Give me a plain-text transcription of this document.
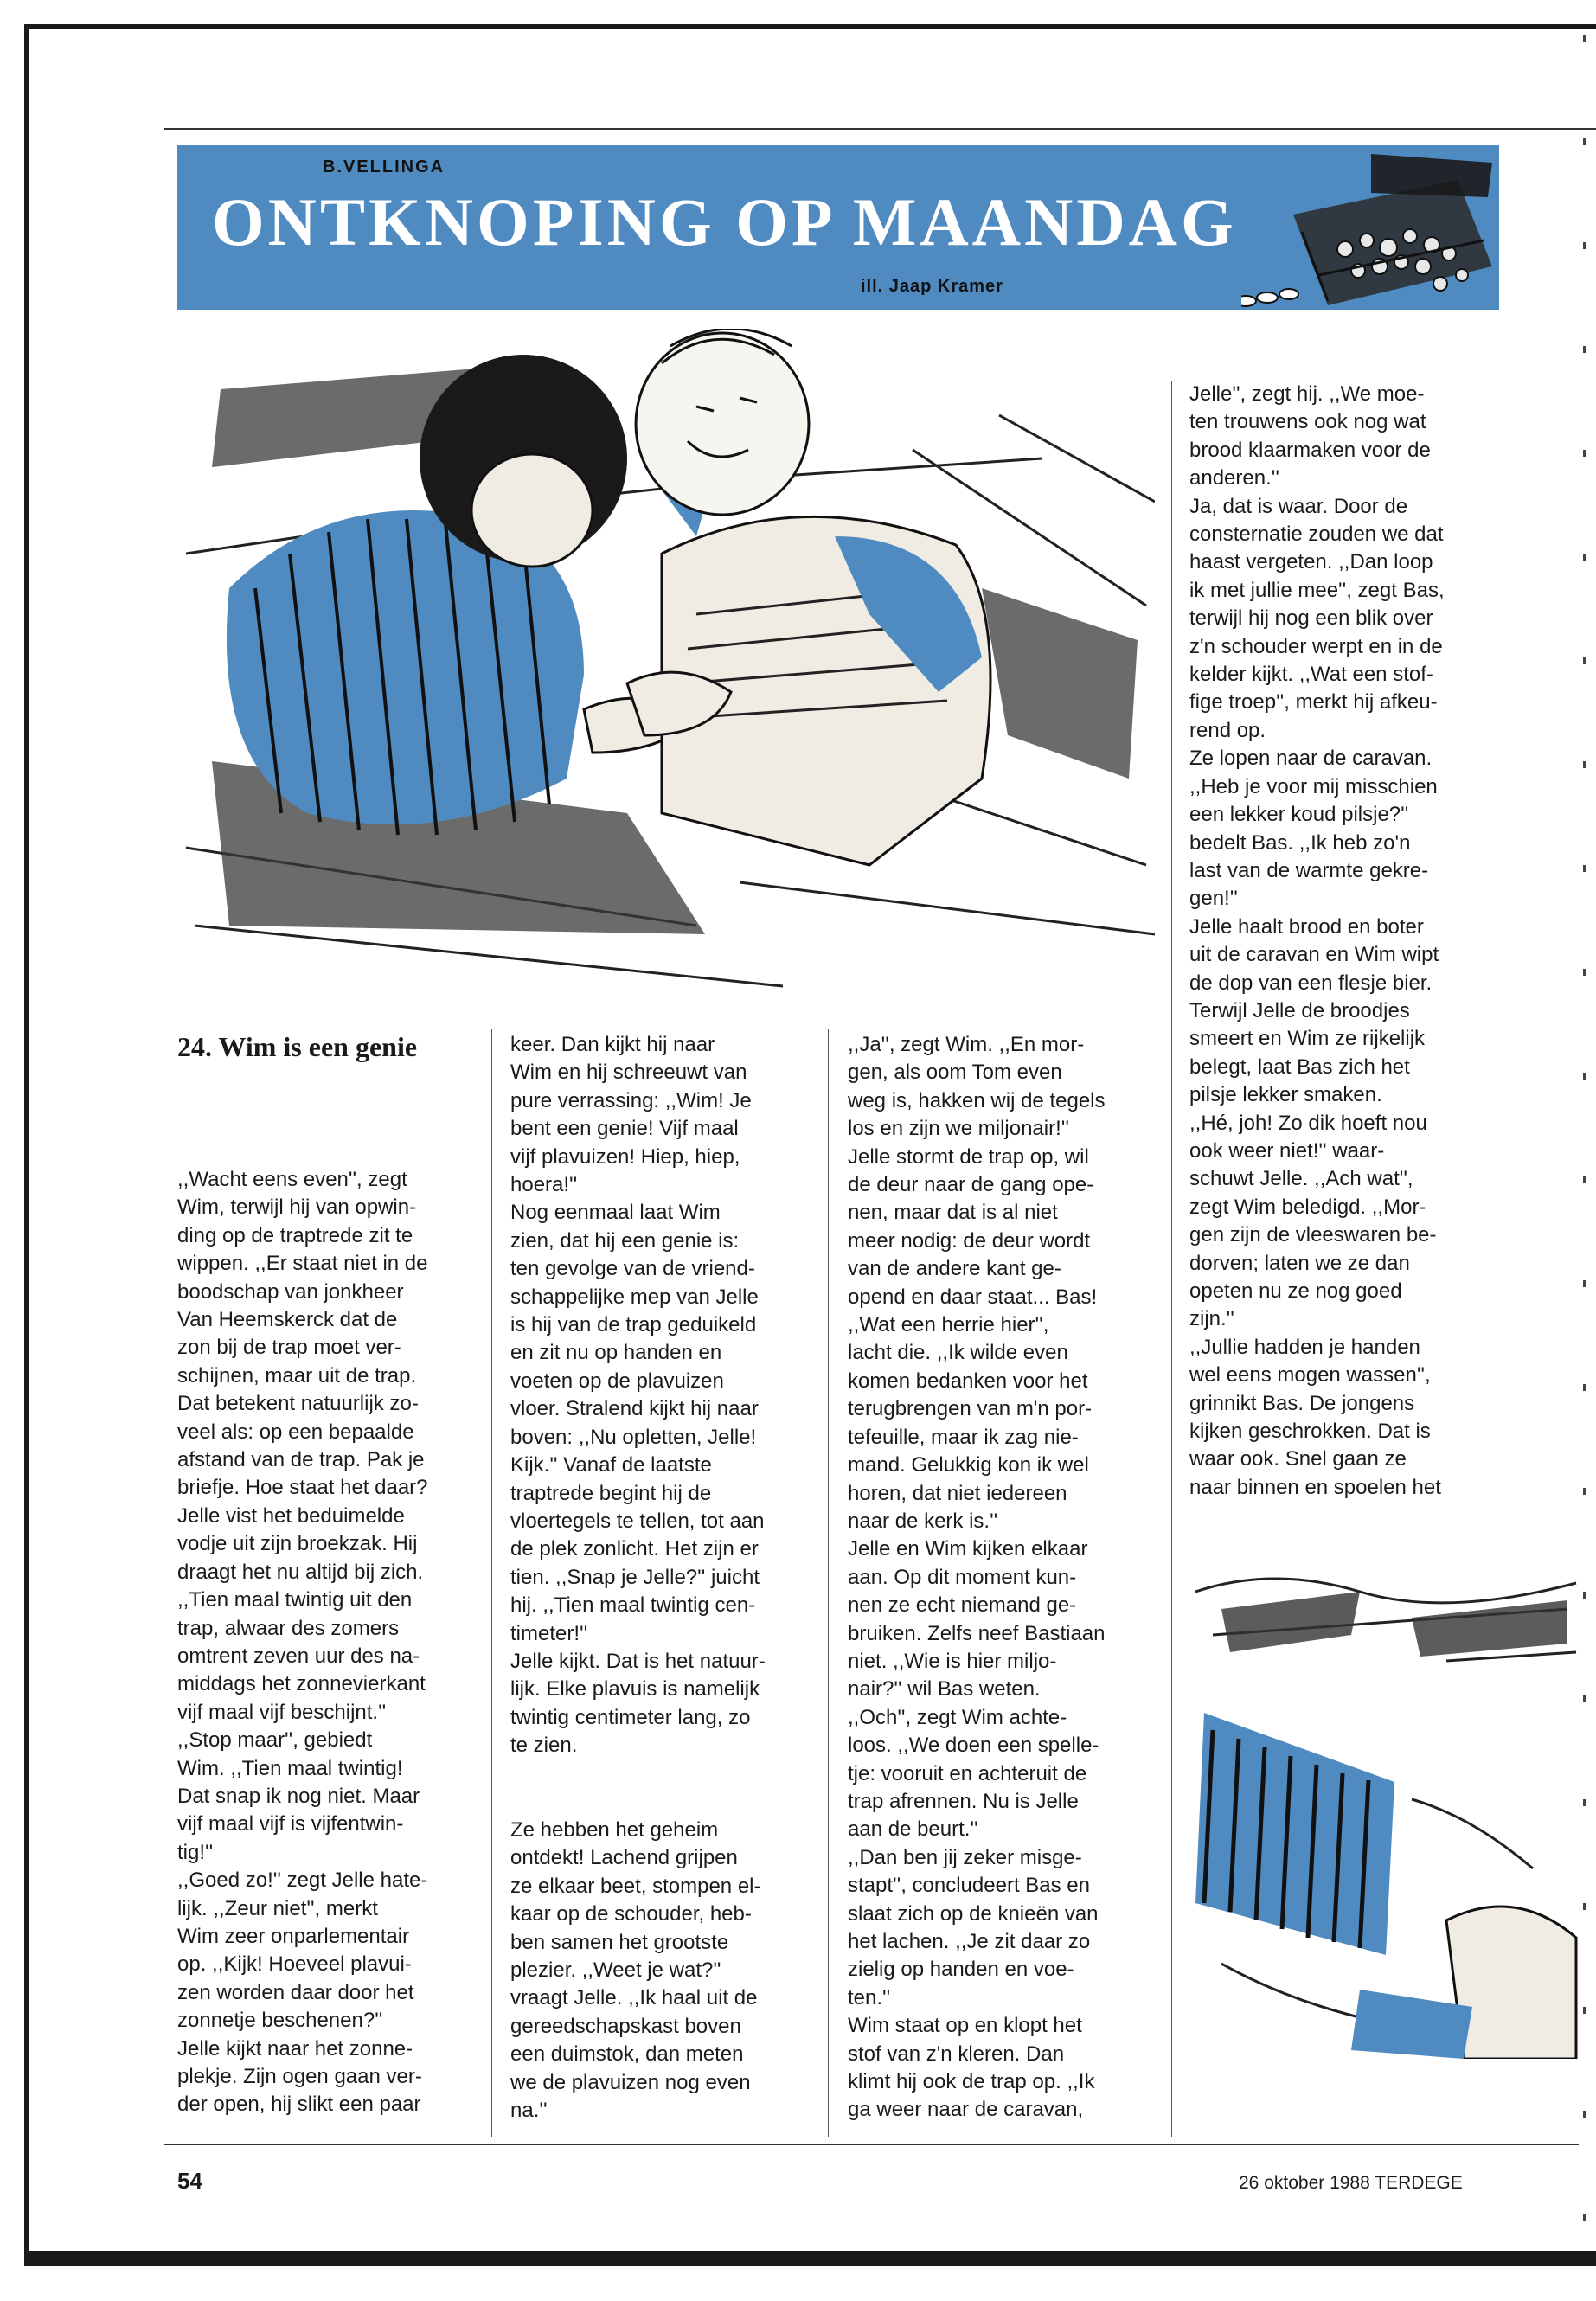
B.VELLINGA
ONTKNOPING OP MAANDAG
ill. Jaap Kramer
24. Wim is een genie

,,Wacht eens even'', zegt

Wim, terwijl hij van opwin-

ding op de traptrede zit te

wippen. ,,Er staat niet in de

boodschap van jonkheer

Van Heemskerck dat de

zon bij de trap moet ver-

schijnen, maar uit de trap.

Dat betekent natuurlijk zo-

veel als: op een bepaalde

afstand van de trap. Pak je

briefje. Hoe staat het daar?

Jelle vist het beduimelde

vodje uit zijn broekzak. Hij

draagt het nu altijd bij zich.

,,Tien maal twintig uit den

trap, alwaar des zomers

omtrent zeven uur des na-

middags het zonnevierkant

vijf maal vijf beschijnt.''

,,Stop maar'', gebiedt

Wim. ,,Tien maal twintig!

Dat snap ik nog niet. Maar

vijf maal vijf is vijfentwin-

tig!''

,,Goed zo!'' zegt Jelle hate-

lijk. ,,Zeur niet'', merkt

Wim zeer onparlementair

op. ,,Kijk! Hoeveel plavui-

zen worden daar door het

zonnetje beschenen?''

Jelle kijkt naar het zonne-

plekje. Zijn ogen gaan ver-

der open, hij slikt een paar

keer. Dan kijkt hij naar

Wim en hij schreeuwt van

pure verrassing: ,,Wim! Je

bent een genie! Vijf maal

vijf plavuizen! Hiep, hiep,

hoera!''

Nog eenmaal laat Wim

zien, dat hij een genie is:

ten gevolge van de vriend-

schappelijke mep van Jelle

is hij van de trap geduikeld

en zit nu op handen en

voeten op de plavuizen

vloer. Stralend kijkt hij naar

boven: ,,Nu opletten, Jelle!

Kijk.'' Vanaf de laatste

traptrede begint hij de

vloertegels te tellen, tot aan

de plek zonlicht. Het zijn er

tien. ,,Snap je Jelle?'' juicht

hij. ,,Tien maal twintig cen-

timeter!''

Jelle kijkt. Dat is het natuur-

lijk. Elke plavuis is namelijk

twintig centimeter lang, zo

te zien.

Ze hebben het geheim

ontdekt! Lachend grijpen

ze elkaar beet, stompen el-

kaar op de schouder, heb-

ben samen het grootste

plezier. ,,Weet je wat?''

vraagt Jelle. ,,Ik haal uit de

gereedschapskast boven

een duimstok, dan meten

we de plavuizen nog even

na.''

,,Ja'', zegt Wim. ,,En mor-

gen, als oom Tom even

weg is, hakken wij de tegels

los en zijn we miljonair!''

Jelle stormt de trap op, wil

de deur naar de gang ope-

nen, maar dat is al niet

meer nodig: de deur wordt

van de andere kant ge-

opend en daar staat... Bas!

,,Wat een herrie hier'',

lacht die. ,,Ik wilde even

komen bedanken voor het

terugbrengen van m'n por-

tefeuille, maar ik zag nie-

mand. Gelukkig kon ik wel

horen, dat niet iedereen

naar de kerk is.''

Jelle en Wim kijken elkaar

aan. Op dit moment kun-

nen ze echt niemand ge-

bruiken. Zelfs neef Bastiaan

niet. ,,Wie is hier miljo-

nair?'' wil Bas weten.

,,Och'', zegt Wim achte-

loos. ,,We doen een spelle-

tje: vooruit en achteruit de

trap afrennen. Nu is Jelle

aan de beurt.''

,,Dan ben jij zeker misge-

stapt'', concludeert Bas en

slaat zich op de knieën van

het lachen. ,,Je zit daar zo

zielig op handen en voe-

ten.''

Wim staat op en klopt het

stof van z'n kleren. Dan

klimt hij ook de trap op. ,,Ik

ga weer naar de caravan,

Jelle'', zegt hij. ,,We moe-

ten trouwens ook nog wat

brood klaarmaken voor de

anderen.''

Ja, dat is waar. Door de

consternatie zouden we dat

haast vergeten. ,,Dan loop

ik met jullie mee'', zegt Bas,

terwijl hij nog een blik over

z'n schouder werpt en in de

kelder kijkt. ,,Wat een stof-

fige troep'', merkt hij afkeu-

rend op.

Ze lopen naar de caravan.

,,Heb je voor mij misschien

een lekker koud pilsje?''

bedelt Bas. ,,Ik heb zo'n

last van de warmte gekre-

gen!''

Jelle haalt brood en boter

uit de caravan en Wim wipt

de dop van een flesje bier.

Terwijl Jelle de broodjes

smeert en Wim ze rijkelijk

belegt, laat Bas zich het

pilsje lekker smaken.

,,Hé, joh! Zo dik hoeft nou

ook weer niet!'' waar-

schuwt Jelle. ,,Ach wat'',

zegt Wim beledigd. ,,Mor-

gen zijn de vleeswaren be-

dorven; laten we ze dan

opeten nu ze nog goed

zijn.''

,,Jullie hadden je handen

wel eens mogen wassen'',

grinnikt Bas. De jongens

kijken geschrokken. Dat is

waar ook. Snel gaan ze

naar binnen en spoelen het

54	26 oktober 1988 TERDEGE
